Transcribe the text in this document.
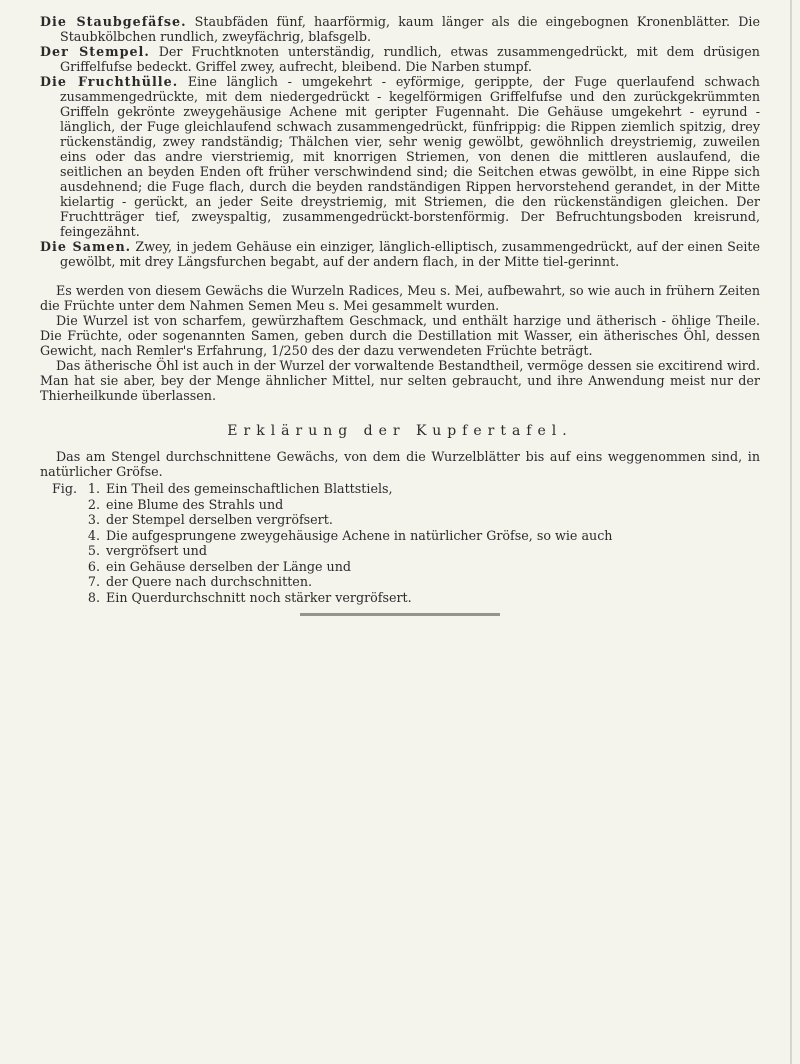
Die Staubgefäfse. Staubfäden fünf, haarförmig, kaum länger als die eingebognen Kronenblätter. Die Staubkölbchen rundlich, zweyfächrig, blafsgelb.

Der Stempel. Der Fruchtknoten unterständig, rundlich, etwas zusammengedrückt, mit dem drüsigen Griffelfufse bedeckt. Griffel zwey, aufrecht, bleibend. Die Narben stumpf.

Die Fruchthülle. Eine länglich - umgekehrt - eyförmige, gerippte, der Fuge querlaufend schwach zusammengedrückte, mit dem niedergedrückt - kegelförmigen Griffelfufse und den zurückgekrümmten Griffeln gekrönte zweygehäusige Achene mit geripter Fugennaht. Die Gehäuse umgekehrt - eyrund - länglich, der Fuge gleichlaufend schwach zusammengedrückt, fünfrippig: die Rippen ziemlich spitzig, drey rückenständig, zwey randständig; Thälchen vier, sehr wenig gewölbt, gewöhnlich dreystriemig, zuweilen eins oder das andre vierstriemig, mit knorrigen Striemen, von denen die mittleren auslaufend, die seitlichen an beyden Enden oft früher verschwindend sind; die Seitchen etwas gewölbt, in eine Rippe sich ausdehnend; die Fuge flach, durch die beyden randständigen Rippen hervorstehend gerandet, in der Mitte kielartig - gerückt, an jeder Seite dreystriemig, mit Striemen, die den rückenständigen gleichen. Der Fruchtträger tief, zweyspaltig, zusammengedrückt-borstenförmig. Der Befruchtungsboden kreisrund, feingezähnt.

Die Samen. Zwey, in jedem Gehäuse ein einziger, länglich-elliptisch, zusammengedrückt, auf der einen Seite gewölbt, mit drey Längsfurchen begabt, auf der andern flach, in der Mitte tiel-gerinnt.

Es werden von diesem Gewächs die Wurzeln Radices, Meu s. Mei, aufbewahrt, so wie auch in frühern Zeiten die Früchte unter dem Nahmen Semen Meu s. Mei gesammelt wurden.

Die Wurzel ist von scharfem, gewürzhaftem Geschmack, und enthält harzige und ätherisch - öhlige Theile. Die Früchte, oder sogenannten Samen, geben durch die Destillation mit Wasser, ein ätherisches Öhl, dessen Gewicht, nach Remler's Erfahrung, 1/250 des der dazu verwendeten Früchte beträgt.

Das ätherische Öhl ist auch in der Wurzel der vorwaltende Bestandtheil, vermöge dessen sie excitirend wird. Man hat sie aber, bey der Menge ähnlicher Mittel, nur selten gebraucht, und ihre Anwendung meist nur der Thierheilkunde überlassen.

Erklärung der Kupfertafel.

Das am Stengel durchschnittene Gewächs, von dem die Wurzelblätter bis auf eins weggenommen sind, in natürlicher Gröfse.

Fig. 1. Ein Theil des gemeinschaftlichen Blattstiels,
2. eine Blume des Strahls und
3. der Stempel derselben vergröfsert.
4. Die aufgesprungene zweygehäusige Achene in natürlicher Gröfse, so wie auch
5. vergröfsert und
6. ein Gehäuse derselben der Länge und
7. der Quere nach durchschnitten.
8. Ein Querdurchschnitt noch stärker vergröfsert.
